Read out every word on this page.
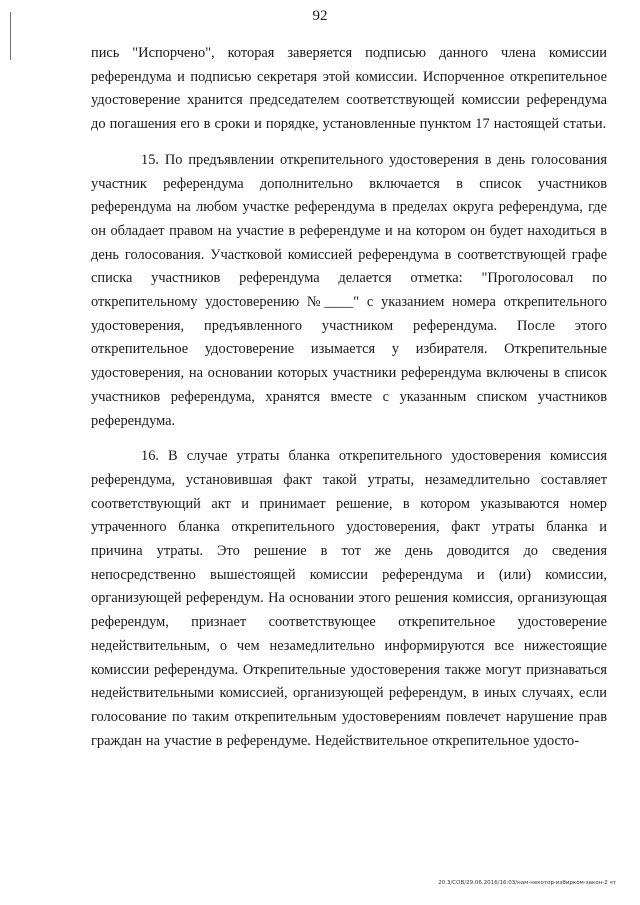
92

пись "Испорчено", которая заверяется подписью данного члена комиссии референдума и подписью секретаря этой комиссии. Испорченное открепительное удостоверение хранится председателем соответствующей комиссии референдума до погашения его в сроки и порядке, установленные пунктом 17 настоящей статьи.

15. По предъявлении открепительного удостоверения в день голосования участник референдума дополнительно включается в список участников референдума на любом участке референдума в пределах округа референдума, где он обладает правом на участие в референдуме и на котором он будет находиться в день голосования. Участковой комиссией референдума в соответствующей графе списка участников референдума делается отметка: "Проголосовал по открепительному удостоверению №____" с указанием номера открепительного удостоверения, предъявленного участником референдума. После этого открепительное удостоверение изымается у избирателя. Открепительные удостоверения, на основании которых участники референдума включены в список участников референдума, хранятся вместе с указанным списком участников референдума.

16. В случае утраты бланка открепительного удостоверения комиссия референдума, установившая факт такой утраты, незамедлительно составляет соответствующий акт и принимает решение, в котором указываются номер утраченного бланка открепительного удостоверения, факт утраты бланка и причина утраты. Это решение в тот же день доводится до сведения непосредственно вышестоящей комиссии референдума и (или) комиссии, организующей референдум. На основании этого решения комиссия, организующая референдум, признает соответствующее открепительное удостоверение недействительным, о чем незамедлительно информируются все нижестоящие комиссии референдума. Открепительные удостоверения также могут признаваться недействительными комиссией, организующей референдум, в иных случаях, если голосование по таким открепительным удостоверениям повлечет нарушение прав граждан на участие в референдуме. Недействительное открепительное удосто-

20.3/СОВ/29.06.2016/16:03/нам-некотор-избирком-закон-2 чт
